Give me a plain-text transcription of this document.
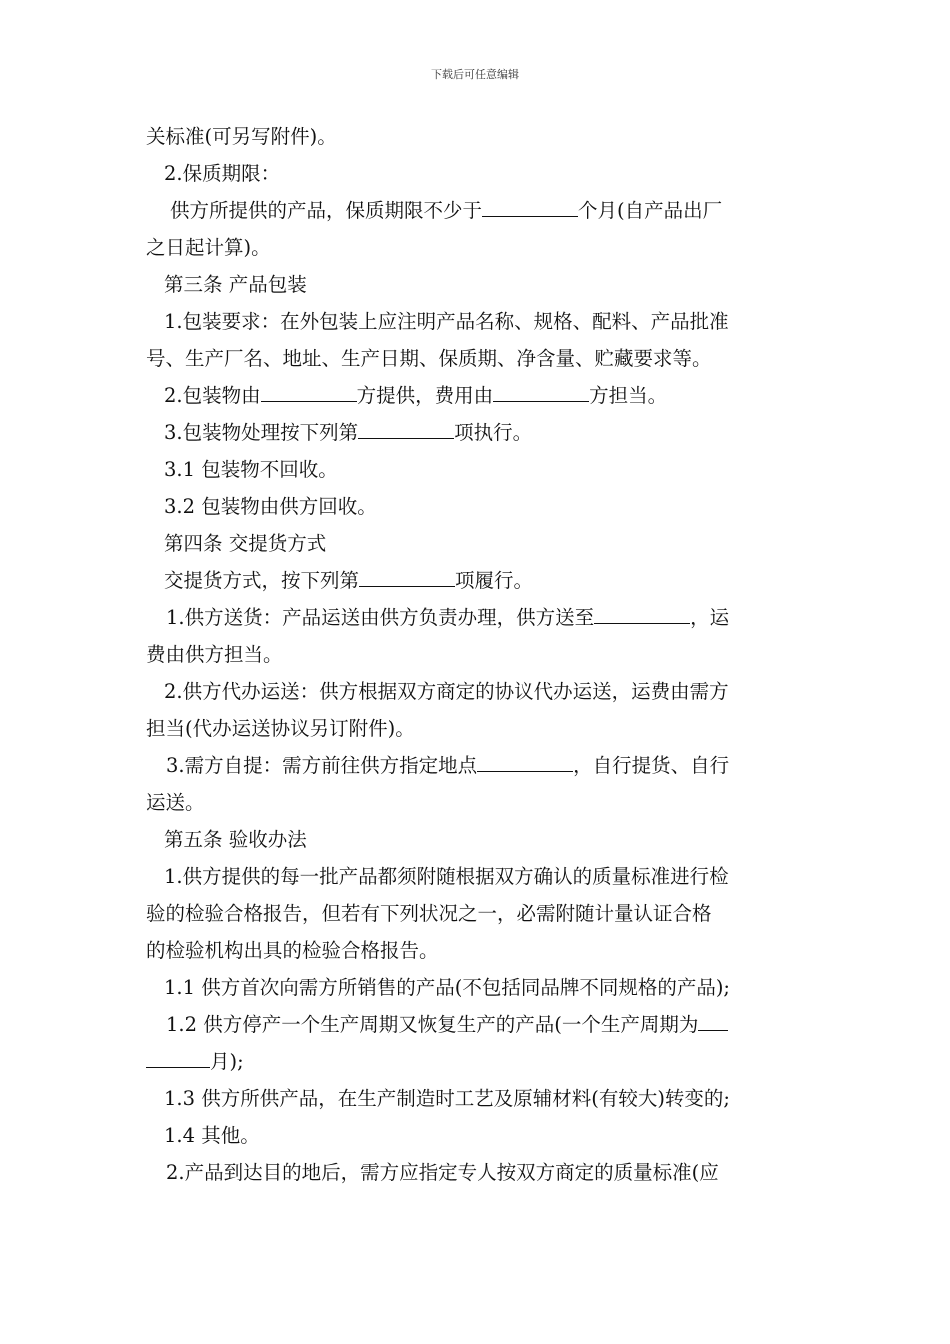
下载后可任意编辑

关标准(可另写附件)。

2.保质期限：

供方所提供的产品，保质期限不少于	个月(自产品出厂

之日起计算)。

第三条 产品包装

1.包装要求：在外包装上应注明产品名称、规格、配料、产品批准

号、生产厂名、地址、生产日期、保质期、净含量、贮藏要求等。

2.包装物由	方提供，费用由	方担当。

3.包装物处理按下列第	项执行。

3.1 包装物不回收。

3.2 包装物由供方回收。

第四条 交提货方式

交提货方式，按下列第	项履行。

1.供方送货：产品运送由供方负责办理，供方送至	，运

费由供方担当。

2.供方代办运送：供方根据双方商定的协议代办运送，运费由需方

担当(代办运送协议另订附件)。

3.需方自提：需方前往供方指定地点	，自行提货、自行

运送。

第五条 验收办法

1.供方提供的每一批产品都须附随根据双方确认的质量标准进行检

验的检验合格报告，但若有下列状况之一，必需附随计量认证合格

的检验机构出具的检验合格报告。

1.1 供方首次向需方所销售的产品(不包括同品牌不同规格的产品);

1.2 供方停产一个生产周期又恢复生产的产品(一个生产周期为

月);

1.3 供方所供产品，在生产制造时工艺及原辅材料(有较大)转变的;

1.4 其他。

2.产品到达目的地后，需方应指定专人按双方商定的质量标准(应
